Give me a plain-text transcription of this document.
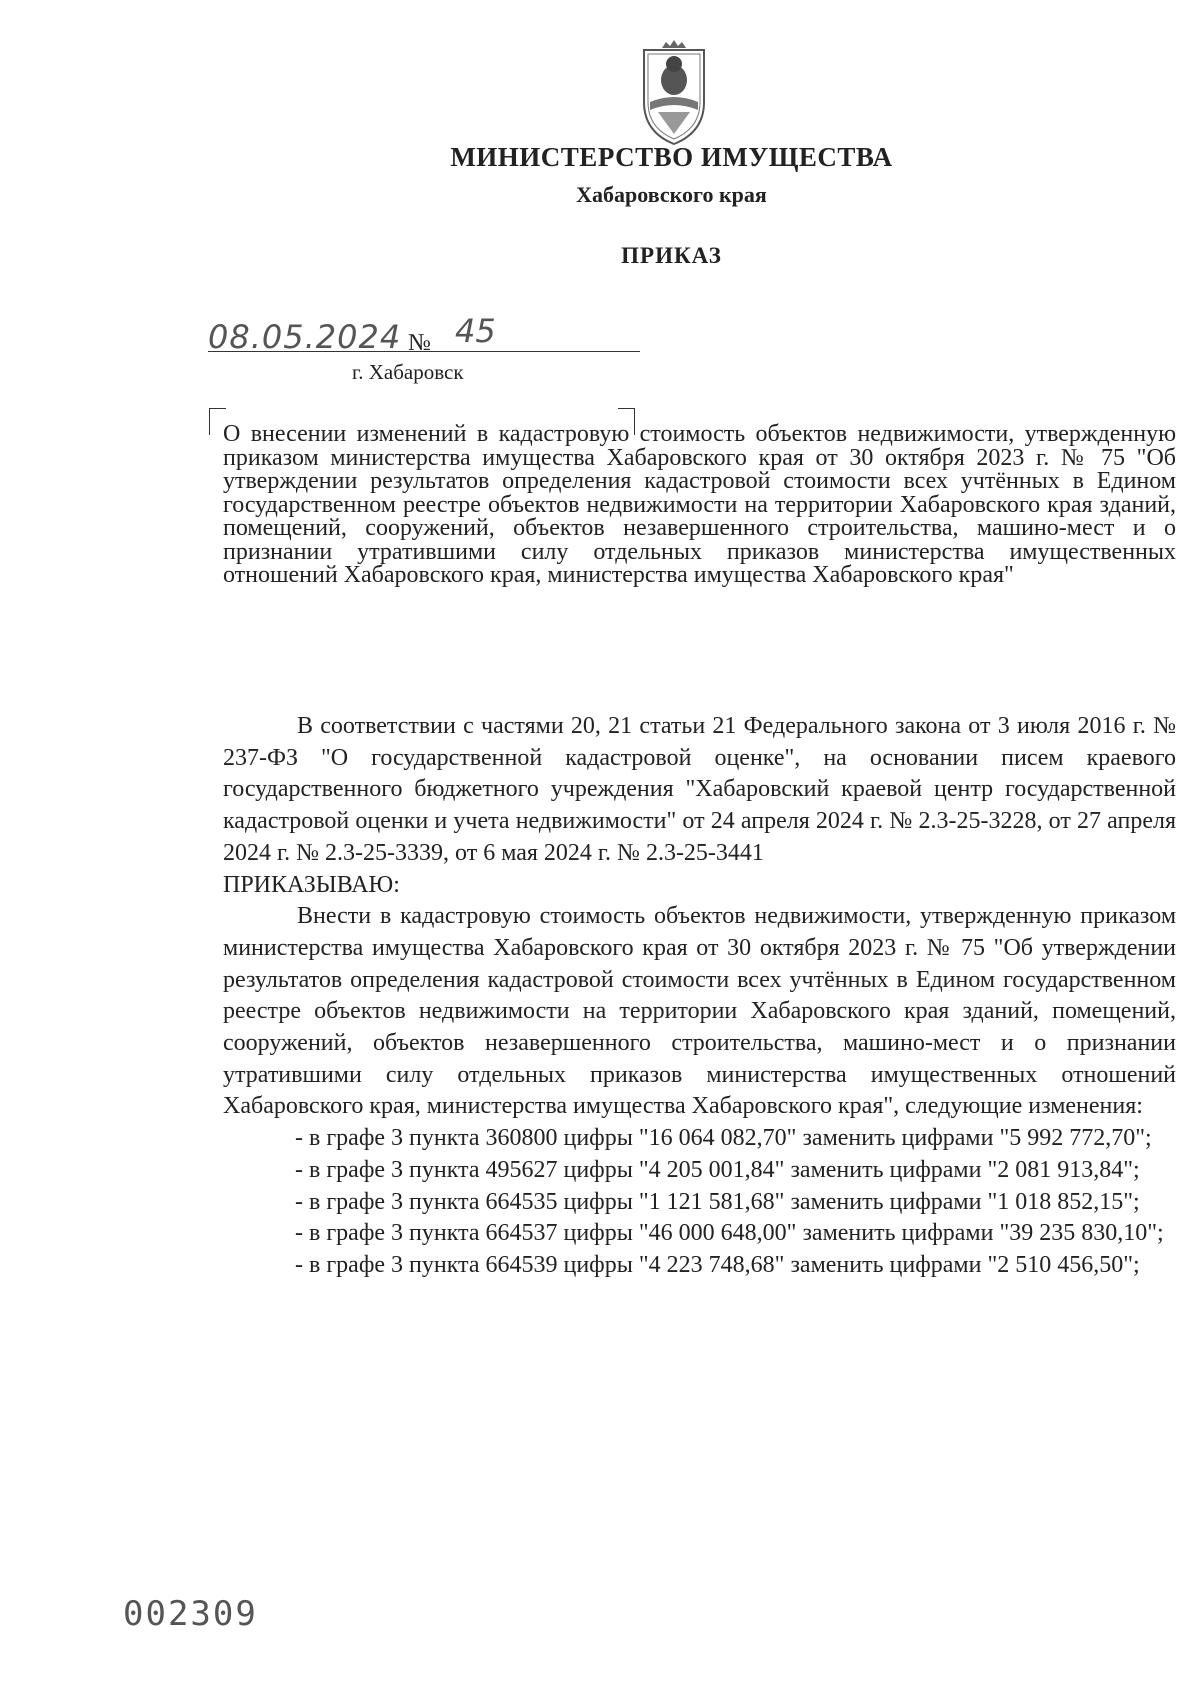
МИНИСТЕРСТВО ИМУЩЕСТВА
Хабаровского края
ПРИКАЗ
08.05.2024 № 45
г. Хабаровск
О внесении изменений в кадастровую стоимость объектов недвижимости, утвержденную приказом министерства имущества Хабаровского края от 30 октября 2023 г. № 75 "Об утверждении результатов определения кадастровой стоимости всех учтённых в Едином государственном реестре объектов недвижимости на территории Хабаровского края зданий, помещений, сооружений, объектов незавершенного строительства, машино-мест и о признании утратившими силу отдельных приказов министерства имущественных отношений Хабаровского края, министерства имущества Хабаровского края"

В соответствии с частями 20, 21 статьи 21 Федерального закона от 3 июля 2016 г. № 237-ФЗ "О государственной кадастровой оценке", на основании писем краевого государственного бюджетного учреждения "Хабаровский краевой центр государственной кадастровой оценки и учета недвижимости" от 24 апреля 2024 г. № 2.3-25-3228, от 27 апреля 2024 г. № 2.3-25-3339, от 6 мая 2024 г. № 2.3-25-3441

ПРИКАЗЫВАЮ:

Внести в кадастровую стоимость объектов недвижимости, утвержденную приказом министерства имущества Хабаровского края от 30 октября 2023 г. № 75 "Об утверждении результатов определения кадастровой стоимости всех учтённых в Едином государственном реестре объектов недвижимости на территории Хабаровского края зданий, помещений, сооружений, объектов незавершенного строительства, машино-мест и о признании утратившими силу отдельных приказов министерства имущественных отношений Хабаровского края, министерства имущества Хабаровского края", следующие изменения:

- в графе 3 пункта 360800 цифры "16 064 082,70" заменить цифрами "5 992 772,70";

- в графе 3 пункта 495627 цифры "4 205 001,84" заменить цифрами "2 081 913,84";

- в графе 3 пункта 664535 цифры "1 121 581,68" заменить цифрами "1 018 852,15";

- в графе 3 пункта 664537 цифры "46 000 648,00" заменить цифрами "39 235 830,10";

- в графе 3 пункта 664539 цифры "4 223 748,68" заменить цифрами "2 510 456,50";

002309
